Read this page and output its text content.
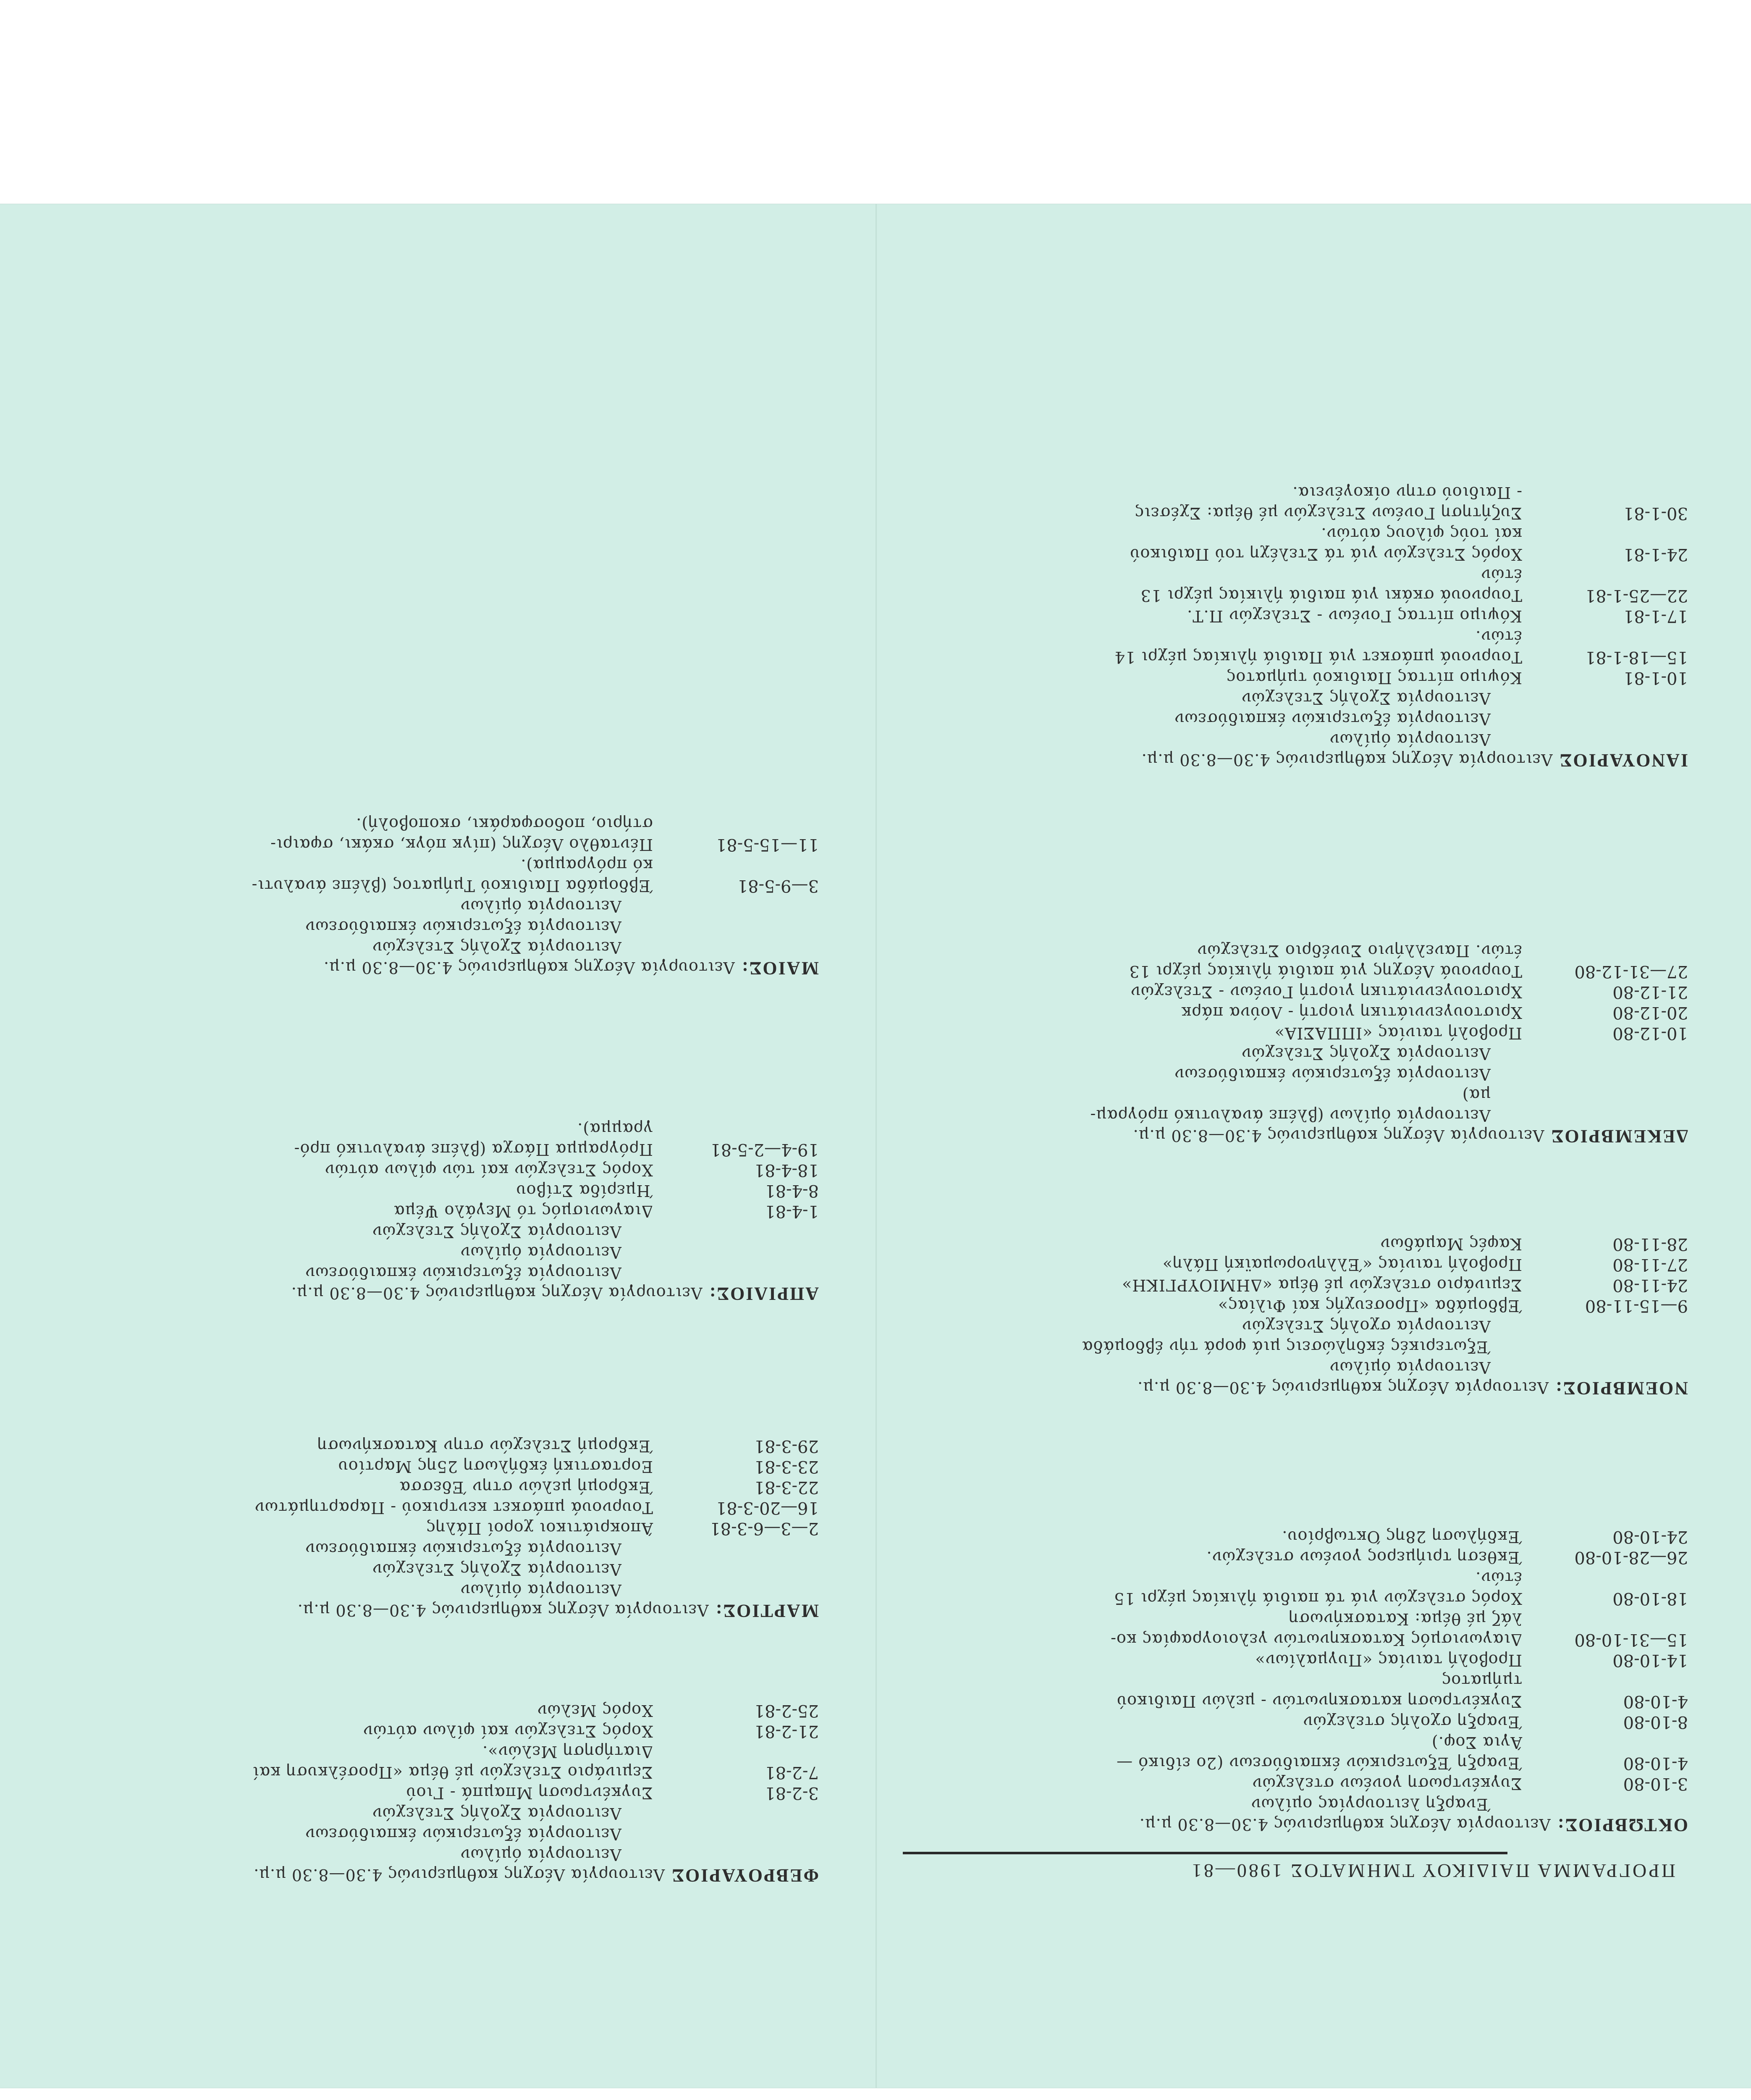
ΠΡΟΓΡΑΜΜΑ ΠΑΙΔΙΚΟΥ ΤΜΗΜΑΤΟΣ 1980—81
ΟΚΤΩΒΡΙΟΣ:
Λειτουργία Λέσχης καθημερινώς 4.30—8.30 μ.μ.
Έναρξη λειτουργίας ομίλων
3-10-80
Συγκέντρωση γονέων στελεχών
4-10-80
Έναρξη Έξωτερικών έκπαιδύσεων (2ο είδικό —
Άγια Σοφ.)
8-10-80
Έναρξη σχολής στελεχών
4-10-80
Συγκέντρωση κατασκηνωτών - μελών Παιδικού
τμήματος
14-10-80
Προβολή ταινίας «Πυγμαλίων»
15—31-10-80
Διαγωνισμός Κατασκηνωτών γελοιογραφίας κο-
λάζ μέ θέμα: Κατασκήνωση
18-10-80
Χορός στελεχών γιά τά παιδιά ήλικίας μέχρι 15
έτών.
26—28-10-80
Έκθεση τριήμερος γονέων στελεχών.
24-10-80
Έκδήλωση 28ης Όκτωβρίου.
ΝΟΕΜΒΡΙΟΣ:
Λειτουργία Λέσχης καθημερινώς 4.30—8.30 μ.μ.
Λειτουργία όμίλων
Έξωτερικές έκδηλώσεις μιά φορά τήν έβδομάδα
Λειτουργία σχολής Στελεχών
9—15-11-80
Έβδομάδα «Προσευχής καί Φιλίας»
24-11-80
Σεμινάριο στελεχών μέ θέμα «ΔΗΜΙΟΥΡΓΙΚΗ»
27-11-80
Προβολή ταινίας «Έλληνορωμαϊκή Πάλη»
28-11-80
Καφές Μαμάδων
ΔΕΚΕΜΒΡΙΟΣ
Λειτουργία Λέσχης καθημερινώς 4.30—8.30 μ.μ.
Λειτουργία όμίλων (βλέπε άναλυτικό πρόγραμ-
μα)
Λειτουργία έξωτερικών έκπαιδύσεων
Λειτουργία Σχολής Στελεχών
10-12-80
Προβολή ταινίας «ΙΠΠΑΣΙΑ»
20-12-80
Χριστουγεννιάτικη γιορτή - Λούνα πάρκ
21-12-80
Χριστουγεννιάτικη γιορτή Γονέων - Στελεχών
27—31-12-80
Τουρνουά Λέσχης γιά παιδιά ήλικίας μέχρι 13
έτών. Πανελλήνιο Συνέδριο Στελεχών
ΙΑΝΟΥΑΡΙΟΣ
Λειτουργία Λέσχης καθημερινώς 4.30—8.30 μ.μ.
Λειτουργία όμίλων
Λειτουργία έξωτερικών έκπαιδύσεων
Λειτουργία Σχολής Στελεχών
10-1-81
Κόψιμο πίττας Παιδικού τμήματος
15—18-1-81
Τουρνουά μπάσκετ γιά Παιδιά ήλικίας μέχρι 14
έτών.
17-1-81
Κόψιμο πίττας Γονέων - Στελεχών Π.Τ.
22—25-1-81
Τουρνουά σκάκι γιά παιδιά ήλικίας μέχρι 13
έτών
24-1-81
Χορός Στελεχών γιά τά Στελέχη τού Παιδικού
καί τούς φίλους αύτών.
30-1-81
Συζήτηση Γονέων Στελεχών μέ θέμα: Σχέσεις
- Παιδιού στην οίκογένεια.
ΦΕΒΡΟΥΑΡΙΟΣ
Λειτουργία Λέσχης καθημερινώς 4.30—8.30 μ.μ.
Λειτουργία όμίλων
Λειτουργία έξωτερικών έκπαιδύσεων
Λειτουργία Σχολής Στελεχών
3-2-81
Συγκέντρωση Μπαμπά - Γιού
7-2-81
Σεμινάριο Στελεχών μέ θέμα «Προσέλκυση καί
Διατήρηση Μελών».
21-2-81
Χορός Στελεχών καί φίλων αύτών
25-2-81
Χορός Μελών
ΜΑΡΤΙΟΣ:
Λειτουργία Λέσχης καθημερινώς 4.30—8.30 μ.μ.
Λειτουργία όμίλων
Λειτουργία Σχολής Στελεχών
Λειτουργία έξωτερικών έκπαιδύσεων
2—3—6-3-81
Άποκριάτικοι χοροί Πάλης
16—20-3-81
Τουρνουά μπάσκετ κεντρικού - Παραρτημάτων
22-3-81
Έκδρομή μελών στην Έδεσσα
23-3-81
Εορταστική έκδήλωση 25ης Μαρτίου
29-3-81
Έκδρομή Στελεχών στην Κατασκήνωση
ΑΠΡΙΛΙΟΣ:
Λειτουργία Λέσχης καθημερινώς 4.30—8.30 μ.μ.
Λειτουργία έξωτερικών έκπαιδύσεων
Λειτουργία όμίλων
Λειτουργία Σχολής Στελεχών
1-4-81
Διαγωνισμός τό Μεγάλο Ψέμα
8-4-81
Ήμερίδα Στίβου
18-4-81
Χορός Στελεχών καί τών φίλων αύτών
19-4—2-5-81
Πρόγραμμα Πάσχα (βλέπε άναλυτικό πρό-
γραμμα).
ΜΑΙΟΣ:
Λειτουργία Λέσχης καθημερινώς 4.30—8.30 μ.μ.
Λειτουργία Σχολής Στελεχών
Λειτουργία έξωτερικών έκπαιδύσεων
Λειτουργία όμίλων
3—9-5-81
Έβδομάδα Παιδικού Τμήματος (βλέπε άναλυτι-
κό πρόγραμμα).
11—15-5-81
Πένταθλο Λέσχης (πίγκ πόγκ, σκάκι, σφαιρι-
στήριο, ποδοσφαράκι, σκοποβολή).
